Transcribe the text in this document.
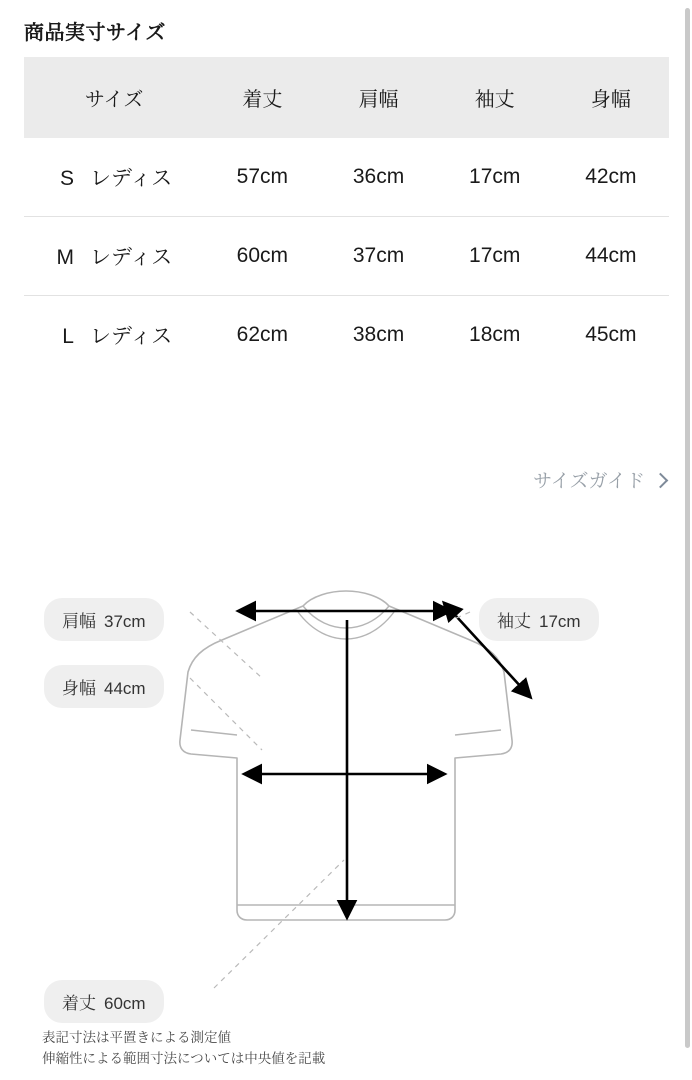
商品実寸サイズ
サイズ	着丈	肩幅	袖丈	身幅
S レディス	57cm	36cm	17cm	42cm
M レディス	60cm	37cm	17cm	44cm
L レディス	62cm	38cm	18cm	45cm
サイズガイド
肩幅 37cm
身幅 44cm
袖丈 17cm
着丈 60cm
表記寸法は平置きによる測定値
伸縮性による範囲寸法については中央値を記載
